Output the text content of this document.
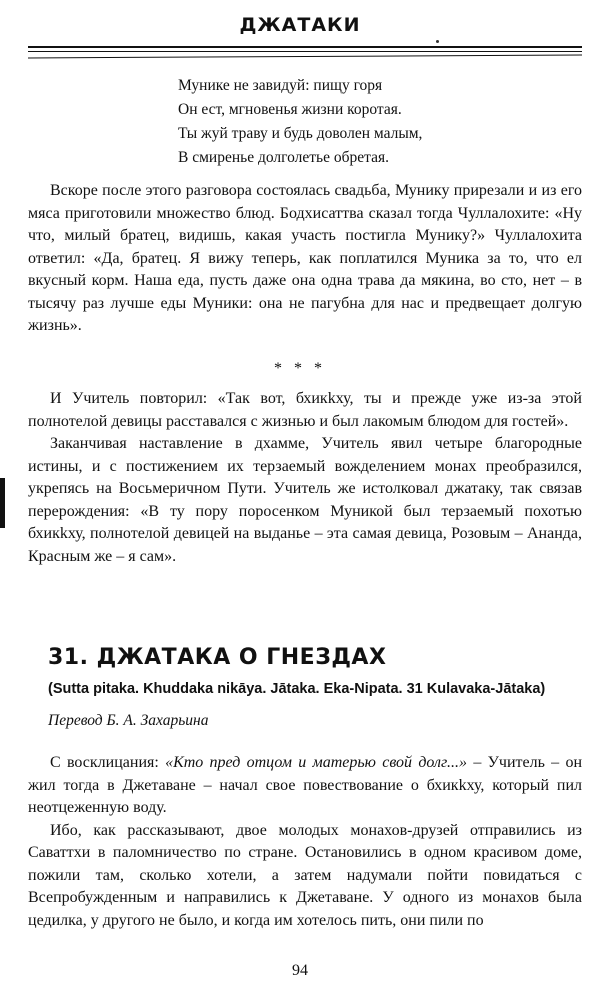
ДЖАТАКИ
Мунике не завидуй: пищу горя
Он ест, мгновенья жизни коротая.
Ты жуй траву и будь доволен малым,
В смиренье долголетье обретая.

Вскоре после этого разговора состоялась свадьба, Мунику прирезали и из его мяса приготовили множество блюд. Бодхисаттва сказал тогда Чуллалохите: «Ну что, милый братец, видишь, какая участь постигла Мунику?» Чуллалохита ответил: «Да, братец. Я вижу теперь, как поплатился Муника за то, что ел вкусный корм. Наша еда, пусть даже она одна трава да мякина, во сто, нет – в тысячу раз лучше еды Муники: она не пагубна для нас и предвещает долгую жизнь».

* * *

И Учитель повторил: «Так вот, бхикkху, ты и прежде уже из-за этой полнотелой девицы расставался с жизнью и был лакомым блюдом для гостей».

Заканчивая наставление в дхамме, Учитель явил четыре благородные истины, и с постижением их терзаемый вожделением монах преобразился, укрепясь на Восьмеричном Пути. Учитель же истолковал джатаку, так связав перерождения: «В ту пору поросенком Муникой был терзаемый похотью бхикkху, полнотелой девицей на выданье – эта самая девица, Розовым – Ананда, Красным же – я сам».

31. ДЖАТАКА О ГНЕЗДАХ
(Sutta pitaka. Khuddaka nikāya. Jātaka. Eka-Nipata. 31 Kulavaka-Jātaka)
Перевод Б. А. Захарьина

С восклицания: «Кто пред отцом и матерью свой долг...» – Учитель – он жил тогда в Джетаване – начал свое повествование о бхикkху, который пил неотцеженную воду.

Ибо, как рассказывают, двое молодых монахов-друзей отправились из Саваттхи в паломничество по стране. Остановились в одном красивом доме, пожили там, сколько хотели, а затем надумали пойти повидаться с Всепробужденным и направились к Джетаване. У одного из монахов была цедилка, у другого не было, и когда им хотелось пить, они пили по

94
